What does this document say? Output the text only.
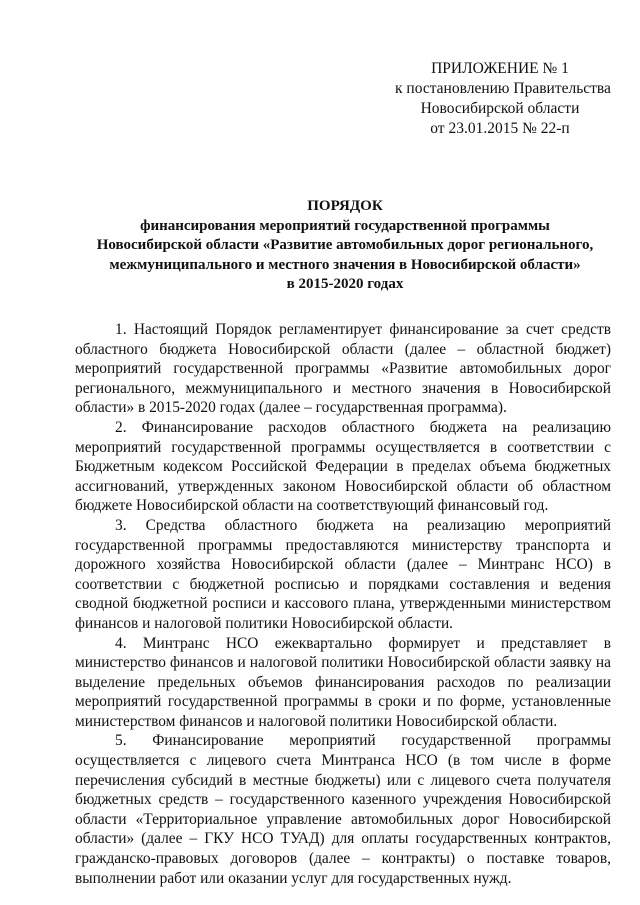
ПРИЛОЖЕНИЕ № 1
к постановлению Правительства
Новосибирской области
от 23.01.2015 № 22-п
ПОРЯДОК
финансирования мероприятий государственной программы
Новосибирской области «Развитие автомобильных дорог регионального,
межмуниципального и местного значения в Новосибирской области»
в 2015-2020 годах

1. Настоящий Порядок регламентирует финансирование за счет средств областного бюджета Новосибирской области (далее – областной бюджет) мероприятий государственной программы «Развитие автомобильных дорог регионального, межмуниципального и местного значения в Новосибирской области» в 2015-2020 годах (далее – государственная программа).

2. Финансирование расходов областного бюджета на реализацию мероприятий государственной программы осуществляется в соответствии с Бюджетным кодексом Российской Федерации в пределах объема бюджетных ассигнований, утвержденных законом Новосибирской области об областном бюджете Новосибирской области на соответствующий финансовый год.

3. Средства областного бюджета на реализацию мероприятий государственной программы предоставляются министерству транспорта и дорожного хозяйства Новосибирской области (далее – Минтранс НСО) в соответствии с бюджетной росписью и порядками составления и ведения сводной бюджетной росписи и кассового плана, утвержденными министерством финансов и налоговой политики Новосибирской области.

4. Минтранс НСО ежеквартально формирует и представляет в министерство финансов и налоговой политики Новосибирской области заявку на выделение предельных объемов финансирования расходов по реализации мероприятий государственной программы в сроки и по форме, установленные министерством финансов и налоговой политики Новосибирской области.

5. Финансирование мероприятий государственной программы осуществляется с лицевого счета Минтранса НСО (в том числе в форме перечисления субсидий в местные бюджеты) или с лицевого счета получателя бюджетных средств – государственного казенного учреждения Новосибирской области «Территориальное управление автомобильных дорог Новосибирской области» (далее – ГКУ НСО ТУАД) для оплаты государственных контрактов, гражданско-правовых договоров (далее – контракты) о поставке товаров, выполнении работ или оказании услуг для государственных нужд.
